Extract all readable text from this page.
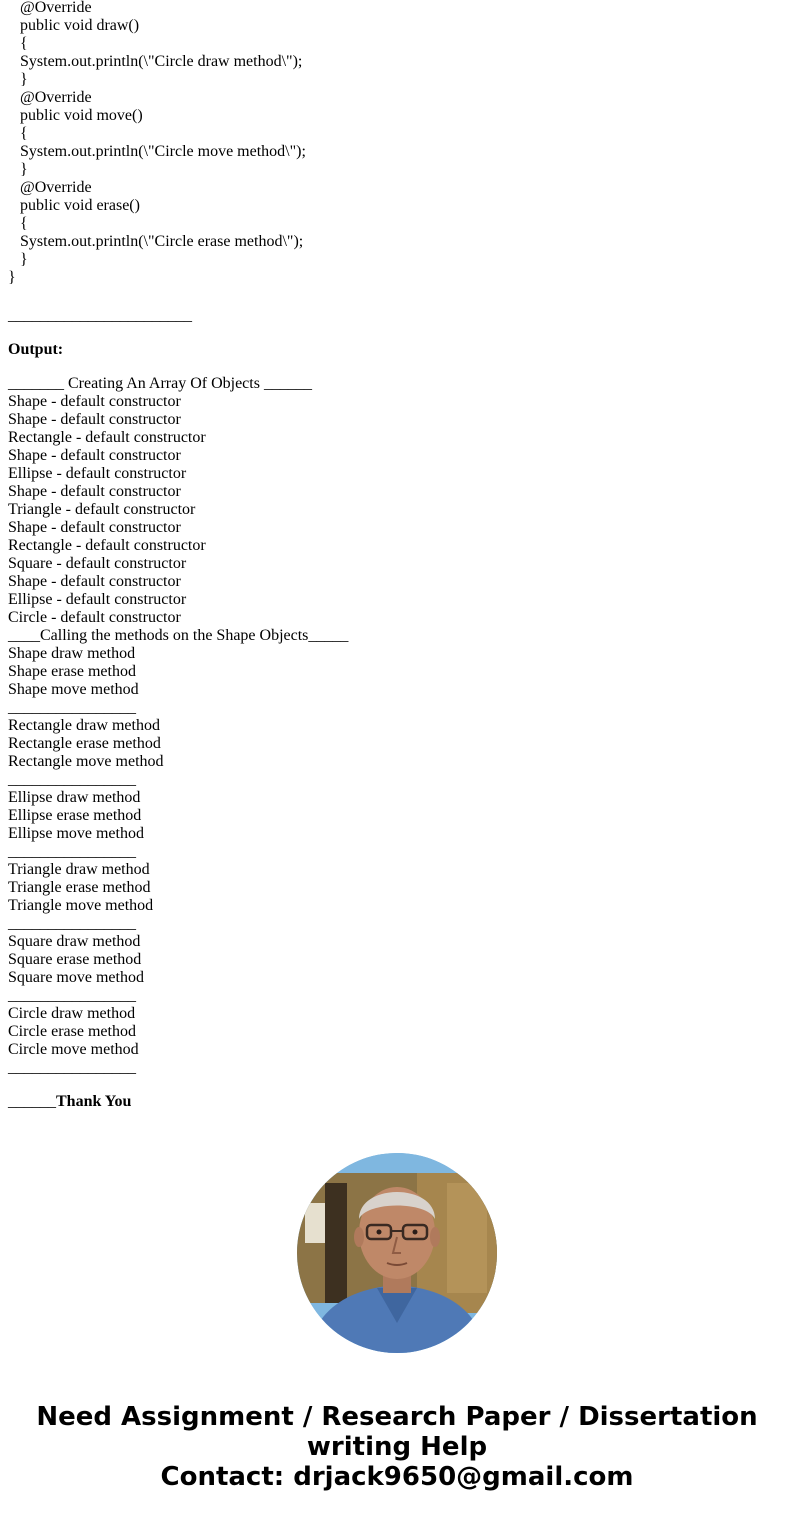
@Override
public void draw()
{
System.out.println(\"Circle draw method\");
}
@Override
public void move()
{
System.out.println(\"Circle move method\");
}
@Override
public void erase()
{
System.out.println(\"Circle erase method\");
}
}
_______________________
Output:
_______ Creating An Array Of Objects ______
Shape - default constructor
Shape - default constructor
Rectangle - default constructor
Shape - default constructor
Ellipse - default constructor
Shape - default constructor
Triangle - default constructor
Shape - default constructor
Rectangle - default constructor
Square - default constructor
Shape - default constructor
Ellipse - default constructor
Circle - default constructor
____Calling the methods on the Shape Objects_____
Shape draw method
Shape erase method
Shape move method
________________
Rectangle draw method
Rectangle erase method
Rectangle move method
________________
Ellipse draw method
Ellipse erase method
Ellipse move method
________________
Triangle draw method
Triangle erase method
Triangle move method
________________
Square draw method
Square erase method
Square move method
________________
Circle draw method
Circle erase method
Circle move method
________________
______Thank You
Need Assignment / Research Paper / Dissertation
writing Help
Contact: drjack9650@gmail.com
